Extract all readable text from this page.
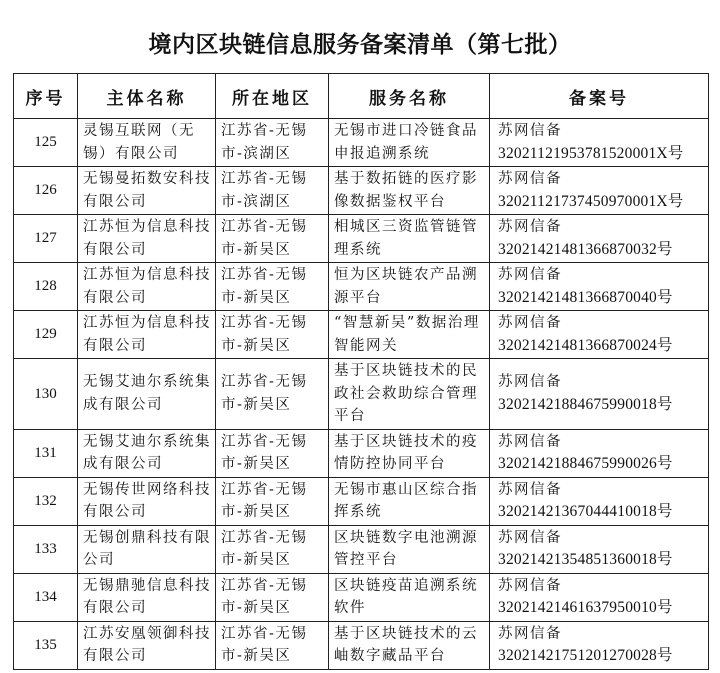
境内区块链信息服务备案清单（第七批）
序号	主体名称	所在地区	服务名称	备案号
125	灵锡互联网（无锡）有限公司	江苏省-无锡市-滨湖区	无锡市进口冷链食品申报追溯系统	苏网信备
32021121953781520001X号

126	无锡曼拓数安科技有限公司	江苏省-无锡市-滨湖区	基于数拓链的医疗影像数据鉴权平台	苏网信备
32021121737450970001X号

127	江苏恒为信息科技有限公司	江苏省-无锡市-新吴区	相城区三资监管链管理系统	苏网信备
32021421481366870032号

128	江苏恒为信息科技有限公司	江苏省-无锡市-新吴区	恒为区块链农产品溯源平台	苏网信备
32021421481366870040号

129	江苏恒为信息科技有限公司	江苏省-无锡市-新吴区	“智慧新吴”数据治理智能网关	苏网信备
32021421481366870024号

130	无锡艾迪尔系统集成有限公司	江苏省-无锡市-新吴区	基于区块链技术的民政社会救助综合管理平台	苏网信备
32021421884675990018号

131	无锡艾迪尔系统集成有限公司	江苏省-无锡市-新吴区	基于区块链技术的疫情防控协同平台	苏网信备
32021421884675990026号

132	无锡传世网络科技有限公司	江苏省-无锡市-新吴区	无锡市惠山区综合指挥系统	苏网信备
32021421367044410018号

133	无锡创鼎科技有限公司	江苏省-无锡市-新吴区	区块链数字电池溯源管控平台	苏网信备
32021421354851360018号

134	无锡鼎驰信息科技有限公司	江苏省-无锡市-新吴区	区块链疫苗追溯系统软件	苏网信备
32021421461637950010号

135	江苏安凰领御科技有限公司	江苏省-无锡市-新吴区	基于区块链技术的云岫数字藏品平台	苏网信备
32021421751201270028号
